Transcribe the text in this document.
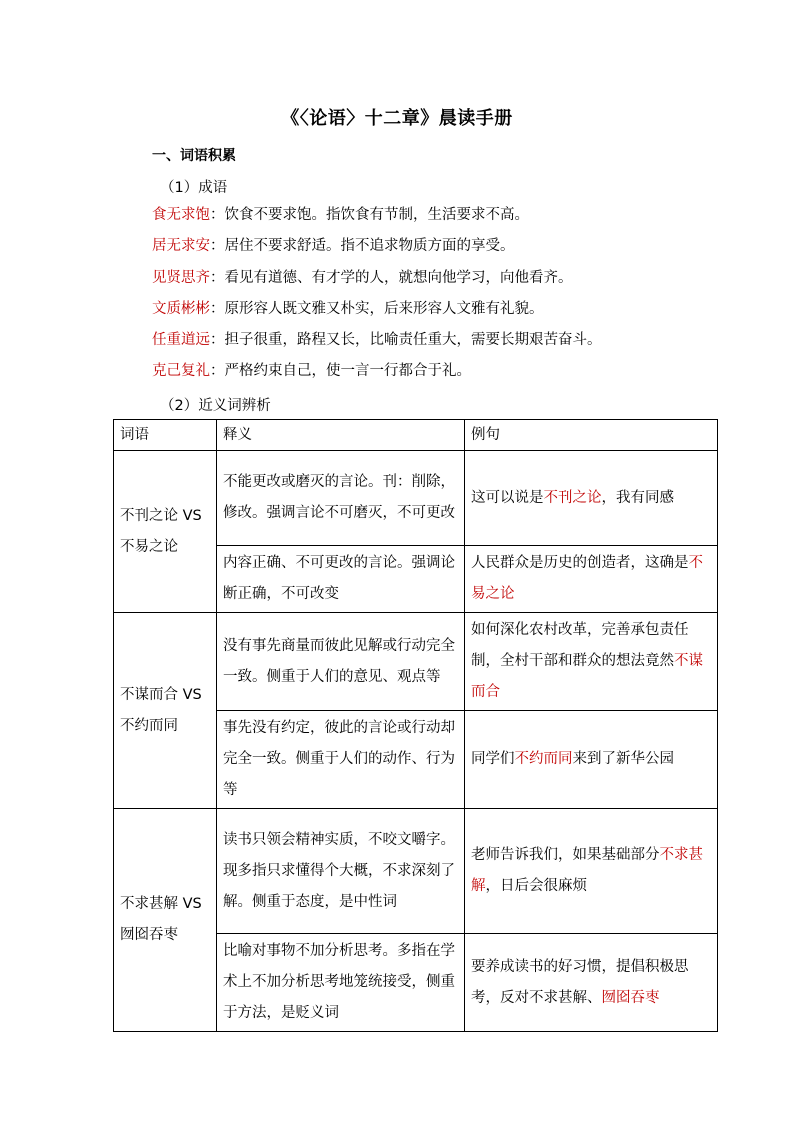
《〈论语〉十二章》晨读手册
一、词语积累
（1）成语
食无求饱：饮食不要求饱。指饮食有节制，生活要求不高。
居无求安：居住不要求舒适。指不追求物质方面的享受。
见贤思齐：看见有道德、有才学的人，就想向他学习，向他看齐。
文质彬彬：原形容人既文雅又朴实，后来形容人文雅有礼貌。
任重道远：担子很重，路程又长，比喻责任重大，需要长期艰苦奋斗。
克己复礼：严格约束自己，使一言一行都合于礼。
（2）近义词辨析
词语	释义	例句

不刊之论 VS
不易之论	不能更改或磨灭的言论。刊：削除，修改。强调言论不可磨灭，不可更改	这可以说是不刊之论，我有同感
	内容正确、不可更改的言论。强调论断正确，不可改变	人民群众是历史的创造者，这确是不易之论

不谋而合 VS
不约而同	没有事先商量而彼此见解或行动完全一致。侧重于人们的意见、观点等	如何深化农村改革，完善承包责任制，全村干部和群众的想法竟然不谋而合
	事先没有约定，彼此的言论或行动却完全一致。侧重于人们的动作、行为等	同学们不约而同来到了新华公园

不求甚解 VS
囫囵吞枣	读书只领会精神实质，不咬文嚼字。现多指只求懂得个大概，不求深刻了解。侧重于态度，是中性词	老师告诉我们，如果基础部分不求甚解，日后会很麻烦
	比喻对事物不加分析思考。多指在学术上不加分析思考地笼统接受，侧重于方法，是贬义词	要养成读书的好习惯，提倡积极思考，反对不求甚解、囫囵吞枣
